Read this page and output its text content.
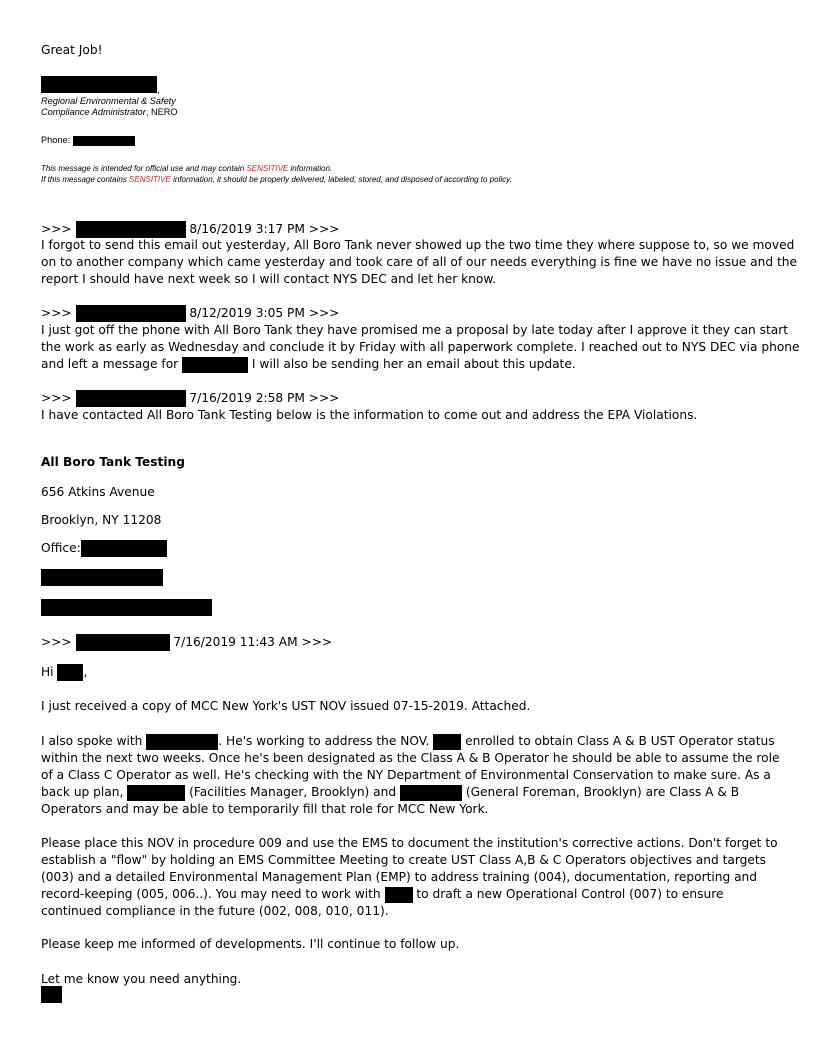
Great Job!
,
Regional Environmental & Safety
Compliance Administrator, NERO
Phone:
This message is intended for official use and may contain SENSITIVE information.
If this message contains SENSITIVE information, it should be properly delivered, labeled, stored, and disposed of according to policy.
>>>	8/16/2019 3:17 PM >>>
I forgot to send this email out yesterday, All Boro Tank never showed up the two time they where suppose to, so we moved
on to another company which came yesterday and took care of all of our needs everything is fine we have no issue and the
report I should have next week so I will contact NYS DEC and let her know.
>>>	8/12/2019 3:05 PM >>>
I just got off the phone with All Boro Tank they have promised me a proposal by late today after I approve it they can start
the work as early as Wednesday and conclude it by Friday with all paperwork complete. I reached out to NYS DEC via phone
and left a message for	I will also be sending her an email about this update.
>>>	7/16/2019 2:58 PM >>>
I have contacted All Boro Tank Testing below is the information to come out and address the EPA Violations.
All Boro Tank Testing
656 Atkins Avenue
Brooklyn, NY 11208
Office:
>>>	7/16/2019 11:43 AM >>>
Hi ,
I just received a copy of MCC New York's UST NOV issued 07-15-2019. Attached.
I also spoke with	. He's working to address the NOV.	enrolled to obtain Class A & B UST Operator status within the next two weeks. Once he's been designated as the Class A & B Operator he should be able to assume the role of a Class C Operator as well. He's checking with the NY Department of Environmental Conservation to make sure. As a back up plan,	(Facilities Manager, Brooklyn) and	(General Foreman, Brooklyn) are Class A & B Operators and may be able to temporarily fill that role for MCC New York.
Please place this NOV in procedure 009 and use the EMS to document the institution's corrective actions. Don't forget to establish a "flow" by holding an EMS Committee Meeting to create UST Class A,B & C Operators objectives and targets (003) and a detailed Environmental Management Plan (EMP) to address training (004), documentation, reporting and record-keeping (005, 006..). You may need to work with	to draft a new Operational Control (007) to ensure continued compliance in the future (002, 008, 010, 011).
Please keep me informed of developments. I'll continue to follow up.
Let me know you need anything.
